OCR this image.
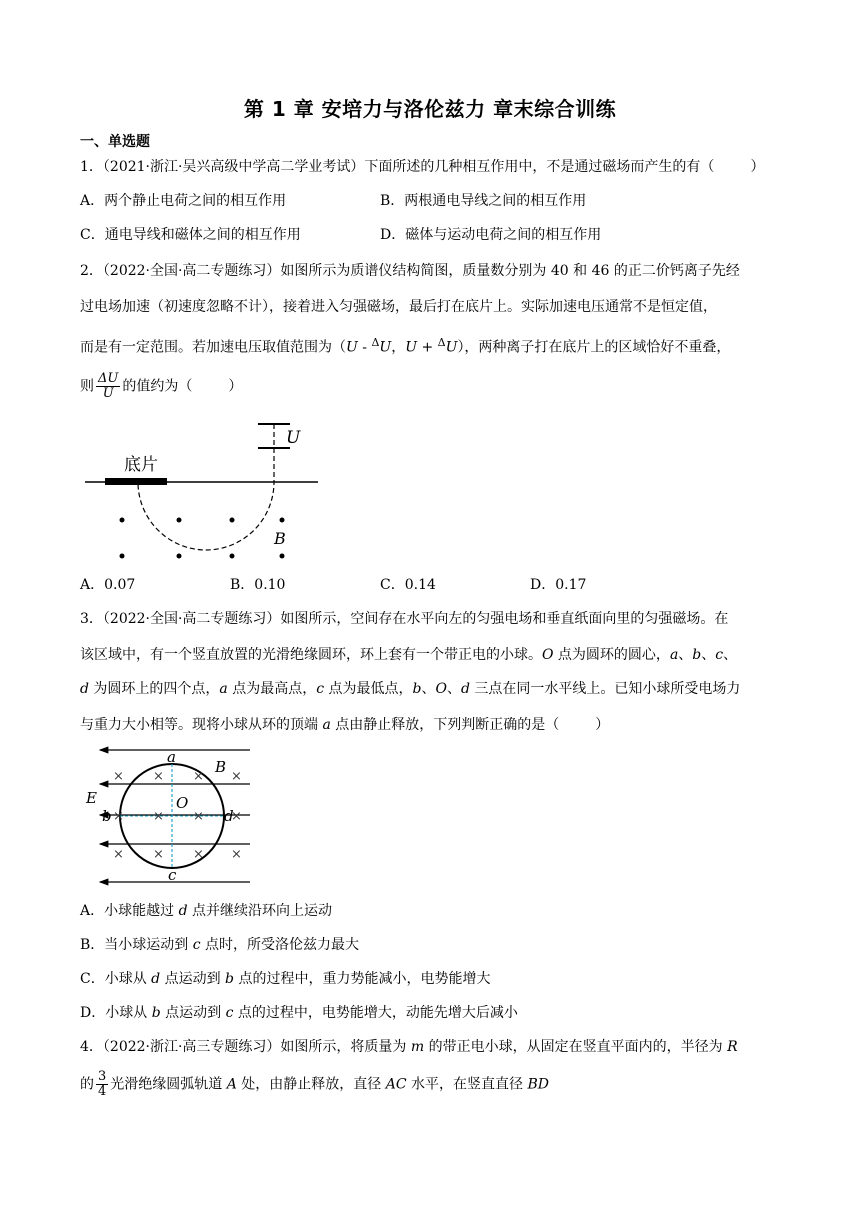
第 1 章 安培力与洛伦兹力 章末综合训练
一、单选题
1．（2021·浙江·吴兴高级中学高二学业考试）下面所述的几种相互作用中，不是通过磁场而产生的有（	）
A．两个静止电荷之间的相互作用	B．两根通电导线之间的相互作用
C．通电导线和磁体之间的相互作用	D．磁体与运动电荷之间的相互作用
2．（2022·全国·高二专题练习）如图所示为质谱仪结构简图，质量数分别为 40 和 46 的正二价钙离子先经
过电场加速（初速度忽略不计），接着进入匀强磁场，最后打在底片上。实际加速电压通常不是恒定值，
而是有一定范围。若加速电压取值范围为（U - $^\Delta$U，U + $^\Delta$U），两种离子打在底片上的区域恰好不重叠，
则 $\frac{\Delta U}{U}$ 的值约为（	）
底片
U
B
A．0.07	B．0.10	C．0.14	D．0.17
3．（2022·全国·高二专题练习）如图所示，空间存在水平向左的匀强电场和垂直纸面向里的匀强磁场。在
该区域中，有一个竖直放置的光滑绝缘圆环，环上套有一个带正电的小球。O 点为圆环的圆心，a、b、c、
d 为圆环上的四个点，a 点为最高点，c 点为最低点，b、O、d 三点在同一水平线上。已知小球所受电场力
与重力大小相等。现将小球从环的顶端 a 点由静止释放，下列判断正确的是（	）
× × × ×
× × × ×
× × × ×
a
B
E	O
b	d
c
A．小球能越过 d 点并继续沿环向上运动
B．当小球运动到 c 点时，所受洛伦兹力最大
C．小球从 d 点运动到 b 点的过程中，重力势能减小，电势能增大
D．小球从 b 点运动到 c 点的过程中，电势能增大，动能先增大后减小
4．（2022·浙江·高三专题练习）如图所示，将质量为 m 的带正电小球，从固定在竖直平面内的，半径为 R
的 $\frac{3}{4}$ 光滑绝缘圆弧轨道 A 处，由静止释放，直径 AC 水平，在竖直直径 BD
